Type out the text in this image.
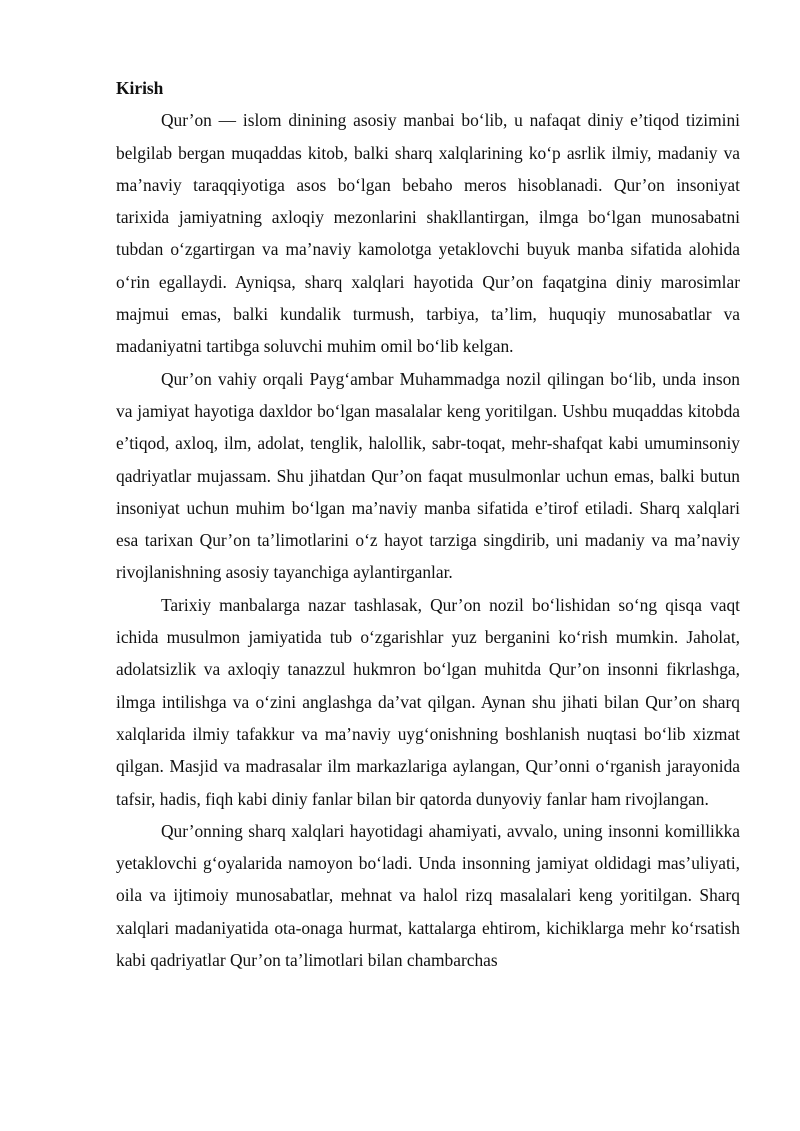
Kirish

Qur’on — islom dinining asosiy manbai bo‘lib, u nafaqat diniy e’tiqod tizimini belgilab bergan muqaddas kitob, balki sharq xalqlarining ko‘p asrlik ilmiy, madaniy va ma’naviy taraqqiyotiga asos bo‘lgan bebaho meros hisoblanadi. Qur’on insoniyat tarixida jamiyatning axloqiy mezonlarini shakllantirgan, ilmga bo‘lgan munosabatni tubdan o‘zgartirgan va ma’naviy kamolotga yetaklovchi buyuk manba sifatida alohida o‘rin egallaydi. Ayniqsa, sharq xalqlari hayotida Qur’on faqatgina diniy marosimlar majmui emas, balki kundalik turmush, tarbiya, ta’lim, huquqiy munosabatlar va madaniyatni tartibga soluvchi muhim omil bo‘lib kelgan.

Qur’on vahiy orqali Payg‘ambar Muhammadga nozil qilingan bo‘lib, unda inson va jamiyat hayotiga daxldor bo‘lgan masalalar keng yoritilgan. Ushbu muqaddas kitobda e’tiqod, axloq, ilm, adolat, tenglik, halollik, sabr-toqat, mehr-shafqat kabi umuminsoniy qadriyatlar mujassam. Shu jihatdan Qur’on faqat musulmonlar uchun emas, balki butun insoniyat uchun muhim bo‘lgan ma’naviy manba sifatida e’tirof etiladi. Sharq xalqlari esa tarixan Qur’on ta’limotlarini o‘z hayot tarziga singdirib, uni madaniy va ma’naviy rivojlanishning asosiy tayanchiga aylantirganlar.

Tarixiy manbalarga nazar tashlasak, Qur’on nozil bo‘lishidan so‘ng qisqa vaqt ichida musulmon jamiyatida tub o‘zgarishlar yuz berganini ko‘rish mumkin. Jaholat, adolatsizlik va axloqiy tanazzul hukmron bo‘lgan muhitda Qur’on insonni fikrlashga, ilmga intilishga va o‘zini anglashga da’vat qilgan. Aynan shu jihati bilan Qur’on sharq xalqlarida ilmiy tafakkur va ma’naviy uyg‘onishning boshlanish nuqtasi bo‘lib xizmat qilgan. Masjid va madrasalar ilm markazlariga aylangan, Qur’onni o‘rganish jarayonida tafsir, hadis, fiqh kabi diniy fanlar bilan bir qatorda dunyoviy fanlar ham rivojlangan.

Qur’onning sharq xalqlari hayotidagi ahamiyati, avvalo, uning insonni komillikka yetaklovchi g‘oyalarida namoyon bo‘ladi. Unda insonning jamiyat oldidagi mas’uliyati, oila va ijtimoiy munosabatlar, mehnat va halol rizq masalalari keng yoritilgan. Sharq xalqlari madaniyatida ota-onaga hurmat, kattalarga ehtirom, kichiklarga mehr ko‘rsatish kabi qadriyatlar Qur’on ta’limotlari bilan chambarchas
